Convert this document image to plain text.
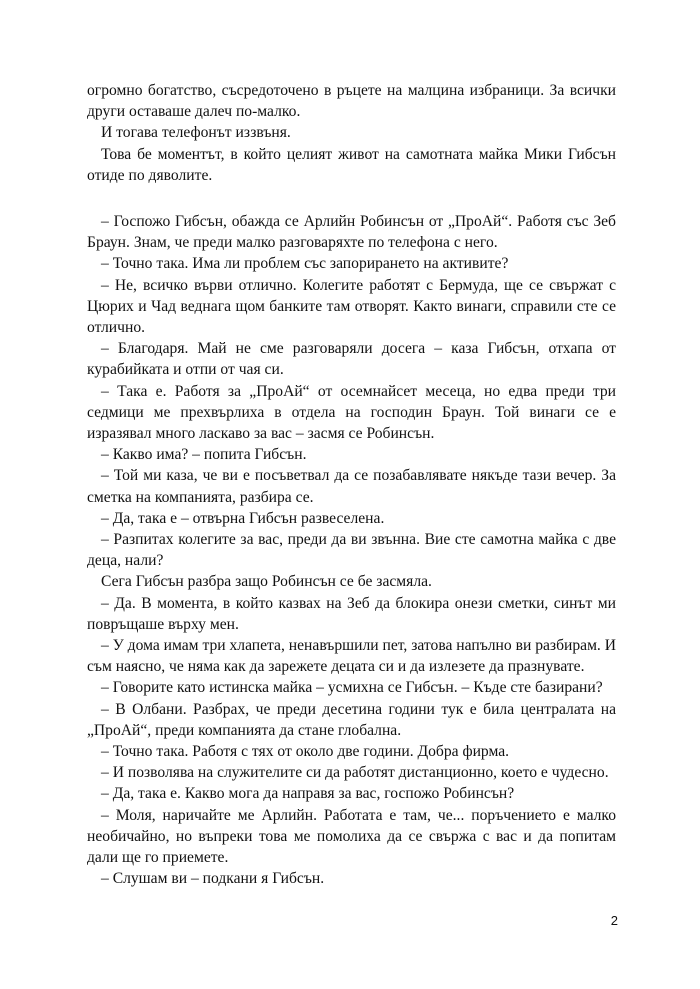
огромно богатство, съсредоточено в ръцете на малцина избраници. За всички други оставаше далеч по-малко.

И тогава телефонът иззвъня.

Това бе моментът, в който целият живот на самотната майка Мики Гибсън отиде по дяволите.

– Госпожо Гибсън, обажда се Арлийн Робинсън от „ПроАй“. Работя със Зеб Браун. Знам, че преди малко разговаряхте по телефона с него.

– Точно така. Има ли проблем със запорирането на активите?

– Не, всичко върви отлично. Колегите работят с Бермуда, ще се свържат с Цюрих и Чад веднага щом банките там отворят. Както винаги, справили сте се отлично.

– Благодаря. Май не сме разговаряли досега – каза Гибсън, отхапа от курабийката и отпи от чая си.

– Така е. Работя за „ПроАй“ от осемнайсет месеца, но едва преди три седмици ме прехвърлиха в отдела на господин Браун. Той винаги се е изразявал много ласкаво за вас – засмя се Робинсън.

– Какво има? – попита Гибсън.

– Той ми каза, че ви е посъветвал да се позабавлявате някъде тази вечер. За сметка на компанията, разбира се.

– Да, така е – отвърна Гибсън развеселена.

– Разпитах колегите за вас, преди да ви звънна. Вие сте самотна майка с две деца, нали?

Сега Гибсън разбра защо Робинсън се бе засмяла.

– Да. В момента, в който казвах на Зеб да блокира онези сметки, синът ми повръщаше върху мен.

– У дома имам три хлапета, ненавършили пет, затова напълно ви разбирам. И съм наясно, че няма как да зарежете децата си и да излезете да празнувате.

– Говорите като истинска майка – усмихна се Гибсън. – Къде сте базирани?

– В Олбани. Разбрах, че преди десетина години тук е била централата на „ПроАй“, преди компанията да стане глобална.

– Точно така. Работя с тях от около две години. Добра фирма.

– И позволява на служителите си да работят дистанционно, което е чудесно.

– Да, така е. Какво мога да направя за вас, госпожо Робинсън?

– Моля, наричайте ме Арлийн. Работата е там, че... поръчението е малко необичайно, но въпреки това ме помолиха да се свържа с вас и да попитам дали ще го приемете.

– Слушам ви – подкани я Гибсън.

2
